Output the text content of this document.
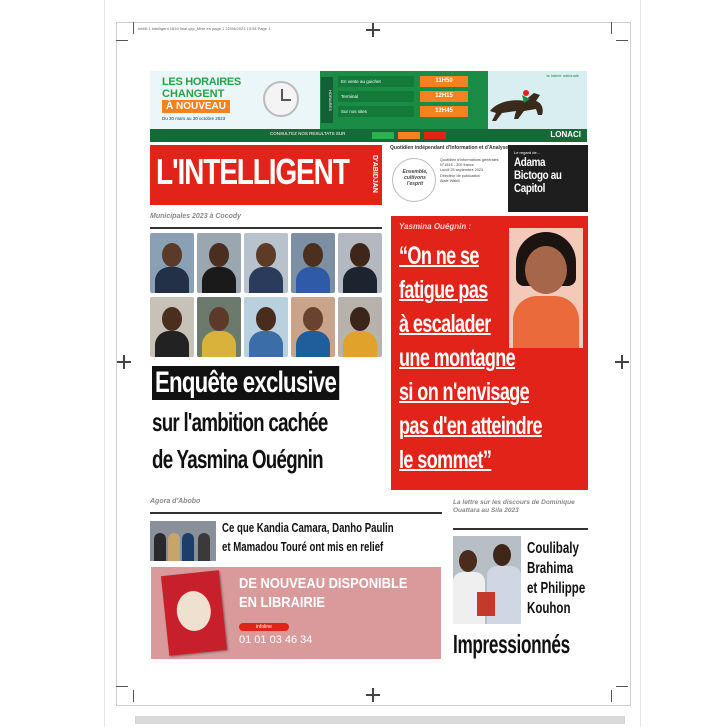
Intelli 1 intelligent 1816 final.qxp_Mise en page 1 22/09/2023 19:54 Page 1
LES HORAIRES
CHANGENT
À NOUVEAU
Du 30 mars au 30 octobre 2023
HORAIRES
En vente au guichet	11H50
Terminal	12H15
Sur nos sites	12H45
la loterie nationale
CONSULTEZ NOS RESULTATS SUR	LONACI
L'INTELLIGENT	D'ABIDJAN
Quotidien indépendant d'Information et d'Analyse
Ensemble, cultivons l'esprit
Quotidien d'informations générales
N°1816 - 300 francs
Lundi 25 septembre 2023
Directeur de publication
Alafé Wakili
Le regard de...
Adama Bictogo au Capitol
Municipales 2023 à Cocody
Enquête exclusive
sur l'ambition cachée
de Yasmina Ouégnin
Yasmina Ouégnin :
“On ne se
fatigue pas
à escalader
une montagne
si on n'envisage
pas d'en atteindre
le sommet”
Agora d'Abobo
Ce que Kandia Camara, Danho Paulin
et Mamadou Touré ont mis en relief
DE NOUVEAU DISPONIBLE
EN LIBRAIRIE
infoline
01 01 03 46 34
La lettre sur les discours de Dominique Ouattara au Sila 2023
Coulibaly
Brahima
et Philippe
Kouhon
Impressionnés
